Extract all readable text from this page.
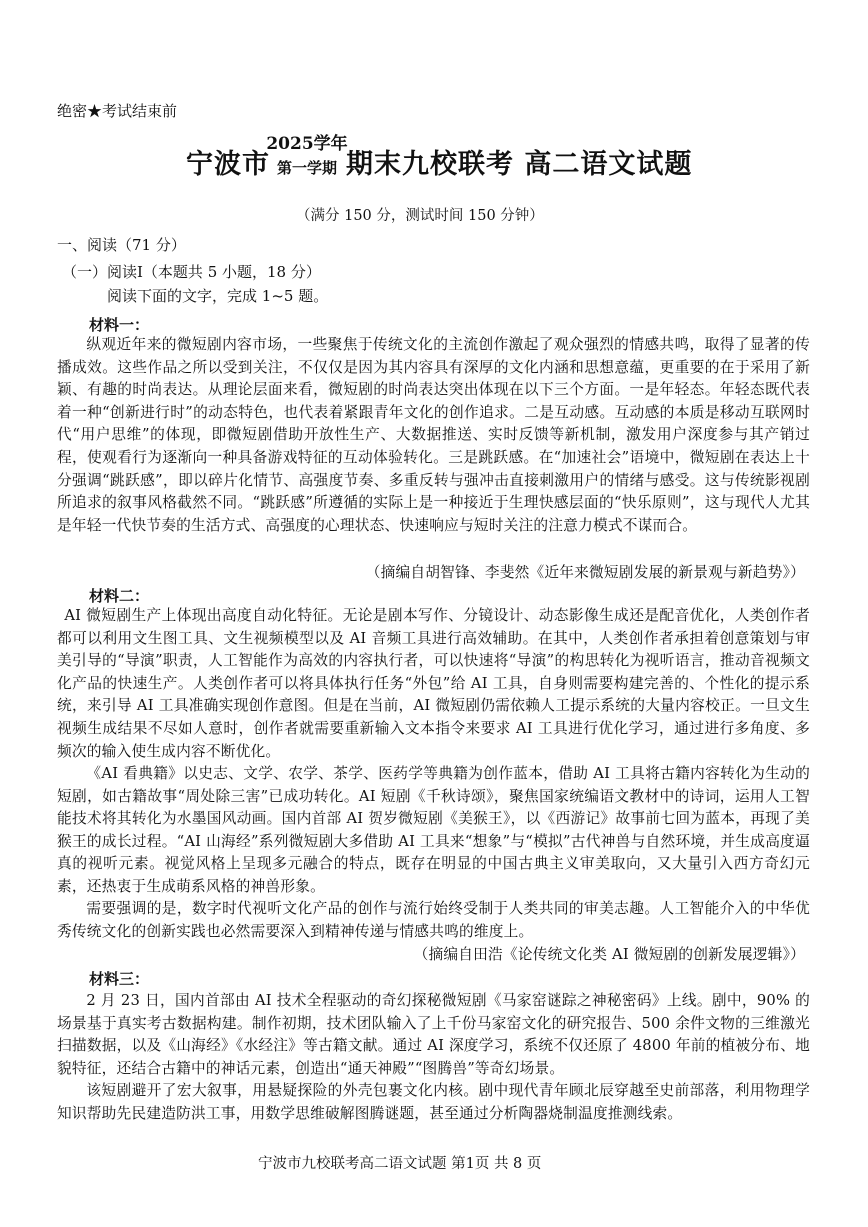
绝密★考试结束前
宁波市
2025学年
第一学期 期末九校联考 高二语文试题
（满分 150 分，测试时间 150 分钟）
一、阅读（71 分）
（一）阅读Ⅰ（本题共 5 小题，18 分）
阅读下面的文字，完成 1~5 题。
材料一：
纵观近年来的微短剧内容市场，一些聚焦于传统文化的主流创作激起了观众强烈的情感共鸣，取得了显著的传播成效。这些作品之所以受到关注，不仅仅是因为其内容具有深厚的文化内涵和思想意蕴，更重要的在于采用了新颖、有趣的时尚表达。从理论层面来看，微短剧的时尚表达突出体现在以下三个方面。一是年轻态。年轻态既代表着一种“创新进行时”的动态特色，也代表着紧跟青年文化的创作追求。二是互动感。互动感的本质是移动互联网时代“用户思维”的体现，即微短剧借助开放性生产、大数据推送、实时反馈等新机制，激发用户深度参与其产销过程，使观看行为逐渐向一种具备游戏特征的互动体验转化。三是跳跃感。在“加速社会”语境中，微短剧在表达上十分强调“跳跃感”，即以碎片化情节、高强度节奏、多重反转与强冲击直接刺激用户的情绪与感受。这与传统影视剧所追求的叙事风格截然不同。“跳跃感”所遵循的实际上是一种接近于生理快感层面的“快乐原则”，这与现代人尤其是年轻一代快节奏的生活方式、高强度的心理状态、快速响应与短时关注的注意力模式不谋而合。
（摘编自胡智锋、李斐然《近年来微短剧发展的新景观与新趋势》）
材料二：
AI 微短剧生产上体现出高度自动化特征。无论是剧本写作、分镜设计、动态影像生成还是配音优化，人类创作者都可以利用文生图工具、文生视频模型以及 AI 音频工具进行高效辅助。在其中，人类创作者承担着创意策划与审美引导的“导演”职责，人工智能作为高效的内容执行者，可以快速将“导演”的构思转化为视听语言，推动音视频文化产品的快速生产。人类创作者可以将具体执行任务“外包”给 AI 工具，自身则需要构建完善的、个性化的提示系统，来引导 AI 工具准确实现创作意图。但是在当前，AI 微短剧仍需依赖人工提示系统的大量内容校正。一旦文生视频生成结果不尽如人意时，创作者就需要重新输入文本指令来要求 AI 工具进行优化学习，通过进行多角度、多频次的输入使生成内容不断优化。
《AI 看典籍》以史志、文学、农学、茶学、医药学等典籍为创作蓝本，借助 AI 工具将古籍内容转化为生动的短剧，如古籍故事“周处除三害”已成功转化。AI 短剧《千秋诗颂》，聚焦国家统编语文教材中的诗词，运用人工智能技术将其转化为水墨国风动画。国内首部 AI 贺岁微短剧《美猴王》，以《西游记》故事前七回为蓝本，再现了美猴王的成长过程。“AI 山海经”系列微短剧大多借助 AI 工具来“想象”与“模拟”古代神兽与自然环境，并生成高度逼真的视听元素。视觉风格上呈现多元融合的特点，既存在明显的中国古典主义审美取向，又大量引入西方奇幻元素，还热衷于生成萌系风格的神兽形象。
需要强调的是，数字时代视听文化产品的创作与流行始终受制于人类共同的审美志趣。人工智能介入的中华优秀传统文化的创新实践也必然需要深入到精神传递与情感共鸣的维度上。
（摘编自田浩《论传统文化类 AI 微短剧的创新发展逻辑》）
材料三：
2 月 23 日，国内首部由 AI 技术全程驱动的奇幻探秘微短剧《马家窑谜踪之神秘密码》上线。剧中，90% 的场景基于真实考古数据构建。制作初期，技术团队输入了上千份马家窑文化的研究报告、500 余件文物的三维激光扫描数据，以及《山海经》《水经注》等古籍文献。通过 AI 深度学习，系统不仅还原了 4800 年前的植被分布、地貌特征，还结合古籍中的神话元素，创造出“通天神殿”“图腾兽”等奇幻场景。
该短剧避开了宏大叙事，用悬疑探险的外壳包裹文化内核。剧中现代青年顾北辰穿越至史前部落，利用物理学知识帮助先民建造防洪工事，用数学思维破解图腾谜题，甚至通过分析陶器烧制温度推测线索。
宁波市九校联考高二语文试题 第1页 共 8 页
